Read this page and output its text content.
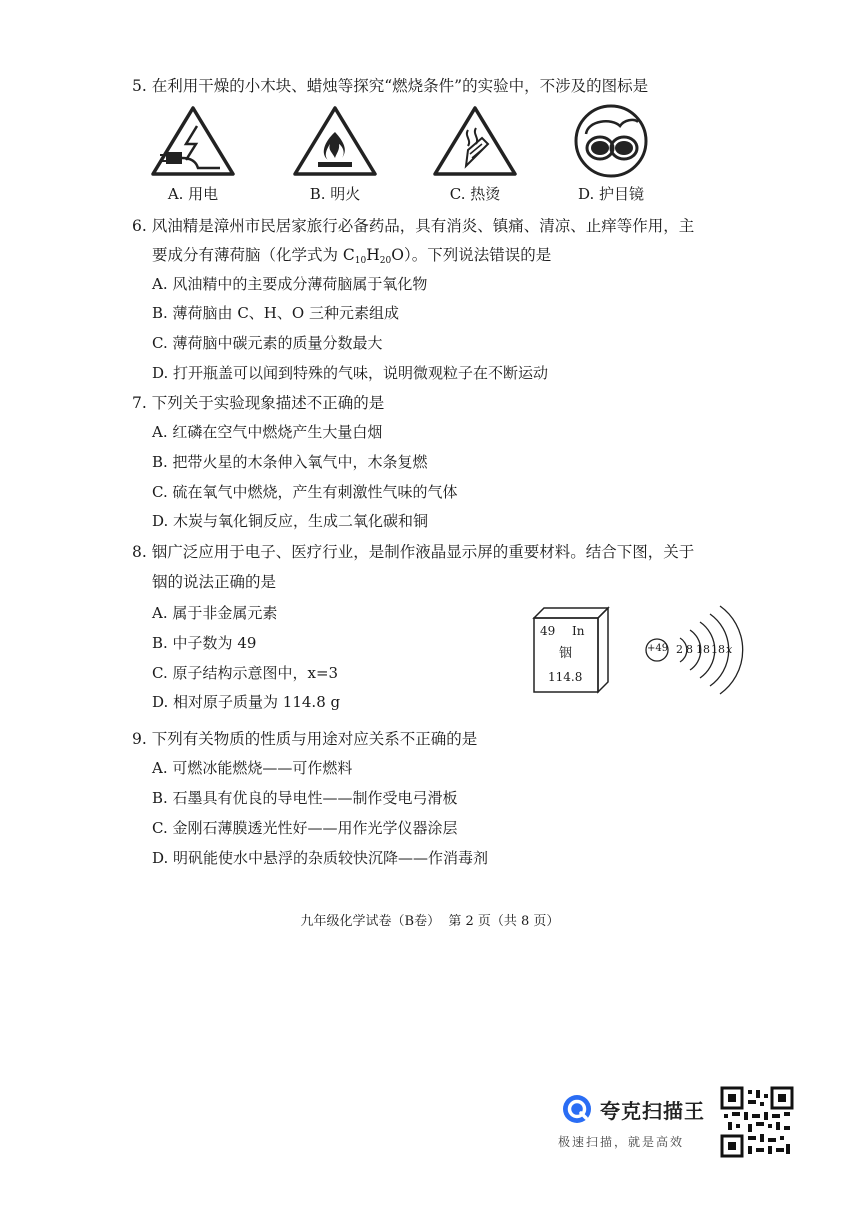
5. 在利用干燥的小木块、蜡烛等探究“燃烧条件”的实验中，不涉及的图标是
A. 用电	B. 明火	C. 热烫	D. 护目镜
6. 风油精是漳州市民居家旅行必备药品，具有消炎、镇痛、清凉、止痒等作用，主
要成分有薄荷脑（化学式为 C10H20O）。下列说法错误的是
A. 风油精中的主要成分薄荷脑属于氧化物
B. 薄荷脑由 C、H、O 三种元素组成
C. 薄荷脑中碳元素的质量分数最大
D. 打开瓶盖可以闻到特殊的气味，说明微观粒子在不断运动
7. 下列关于实验现象描述不正确的是
A. 红磷在空气中燃烧产生大量白烟
B. 把带火星的木条伸入氧气中，木条复燃
C. 硫在氧气中燃烧，产生有刺激性气味的气体
D. 木炭与氧化铜反应，生成二氧化碳和铜
8. 铟广泛应用于电子、医疗行业，是制作液晶显示屏的重要材料。结合下图，关于
铟的说法正确的是
A. 属于非金属元素
B. 中子数为 49
C. 原子结构示意图中，x=3
D. 相对原子质量为 114.8 g
49 In
铟
114.8
+49 2 8 18 18 x
9. 下列有关物质的性质与用途对应关系不正确的是
A. 可燃冰能燃烧——可作燃料
B. 石墨具有优良的导电性——制作受电弓滑板
C. 金刚石薄膜透光性好——用作光学仪器涂层
D. 明矾能使水中悬浮的杂质较快沉降——作消毒剂
九年级化学试卷（B卷）  第 2 页（共 8 页）
夸克扫描王
极速扫描，就是高效
